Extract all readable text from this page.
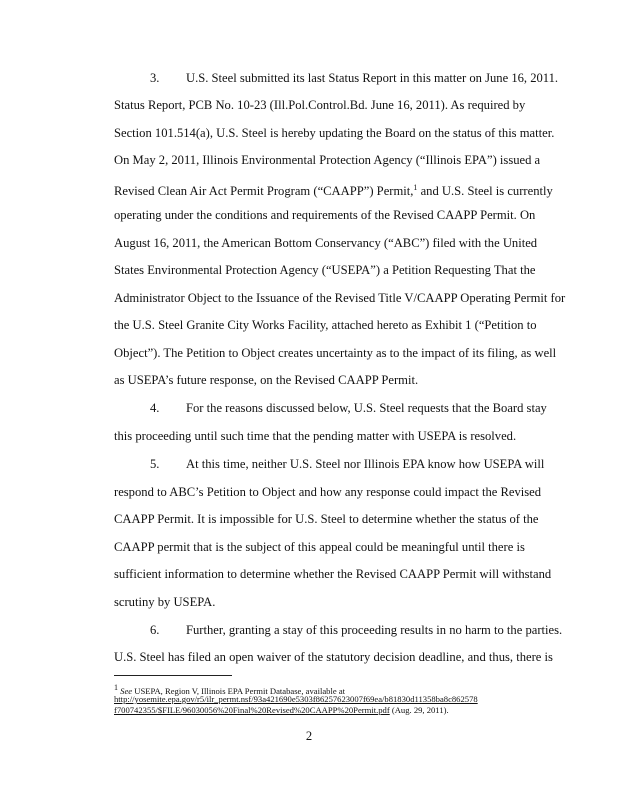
3. U.S. Steel submitted its last Status Report in this matter on June 16, 2011.
Status Report, PCB No. 10-23 (Ill.Pol.Control.Bd. June 16, 2011). As required by
Section 101.514(a), U.S. Steel is hereby updating the Board on the status of this matter.
On May 2, 2011, Illinois Environmental Protection Agency (“Illinois EPA”) issued a
Revised Clean Air Act Permit Program (“CAAPP”) Permit,$^1$ and U.S. Steel is currently
operating under the conditions and requirements of the Revised CAAPP Permit. On
August 16, 2011, the American Bottom Conservancy (“ABC”) filed with the United
States Environmental Protection Agency (“USEPA”) a Petition Requesting That the
Administrator Object to the Issuance of the Revised Title V/CAAPP Operating Permit for
the U.S. Steel Granite City Works Facility, attached hereto as Exhibit 1 (“Petition to
Object”). The Petition to Object creates uncertainty as to the impact of its filing, as well
as USEPA’s future response, on the Revised CAAPP Permit.
4. For the reasons discussed below, U.S. Steel requests that the Board stay
this proceeding until such time that the pending matter with USEPA is resolved.
5. At this time, neither U.S. Steel nor Illinois EPA know how USEPA will
respond to ABC’s Petition to Object and how any response could impact the Revised
CAAPP Permit. It is impossible for U.S. Steel to determine whether the status of the
CAAPP permit that is the subject of this appeal could be meaningful until there is
sufficient information to determine whether the Revised CAAPP Permit will withstand
scrutiny by USEPA.
6. Further, granting a stay of this proceeding results in no harm to the parties.
U.S. Steel has filed an open waiver of the statutory decision deadline, and thus, there is
$^1$ See USEPA, Region V, Illinois EPA Permit Database, available at
http://yosemite.epa.gov/r5/ilr_permt.nsf/93a421690e5303f86257623007f69ea/b81830d11358ba8c862578
f700742355/$FILE/96030056%20Final%20Revised%20CAAPP%20Permit.pdf (Aug. 29, 2011).
2
